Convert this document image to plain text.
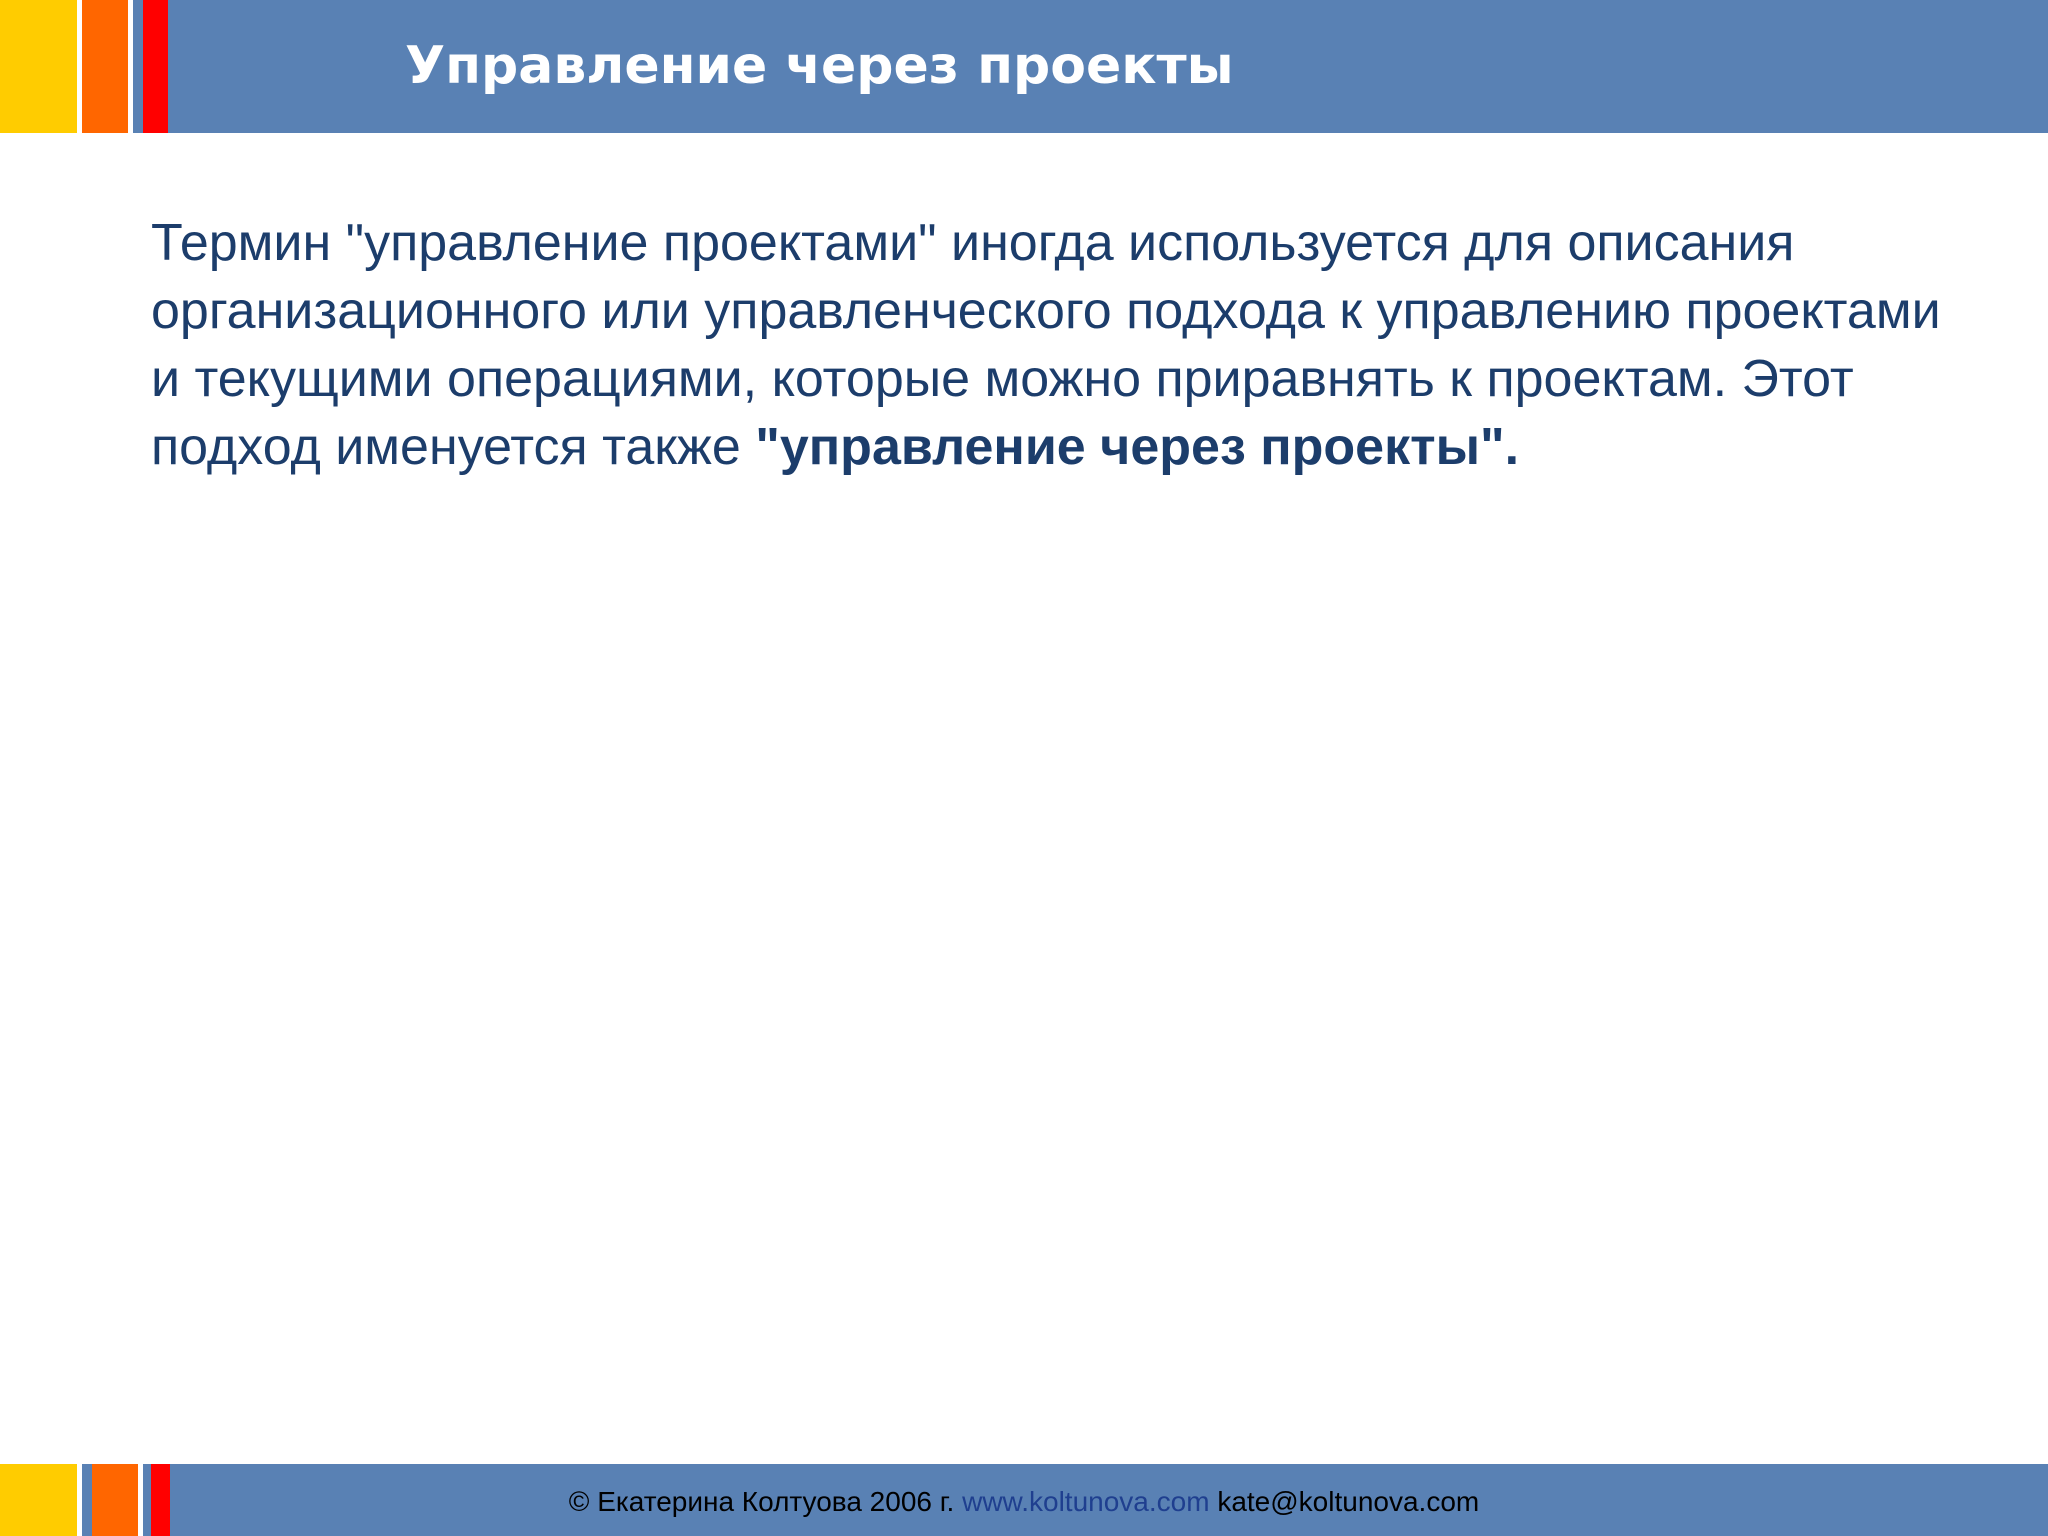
Управление через проекты

Термин "управление проектами" иногда используется для описания организационного или управленческого подхода к управлению проектами и текущими операциями, которые можно приравнять к проектам. Этот подход именуется также "управление через проекты".

© Екатерина Колтуова 2006 г. www.koltunova.com kate@koltunova.com
